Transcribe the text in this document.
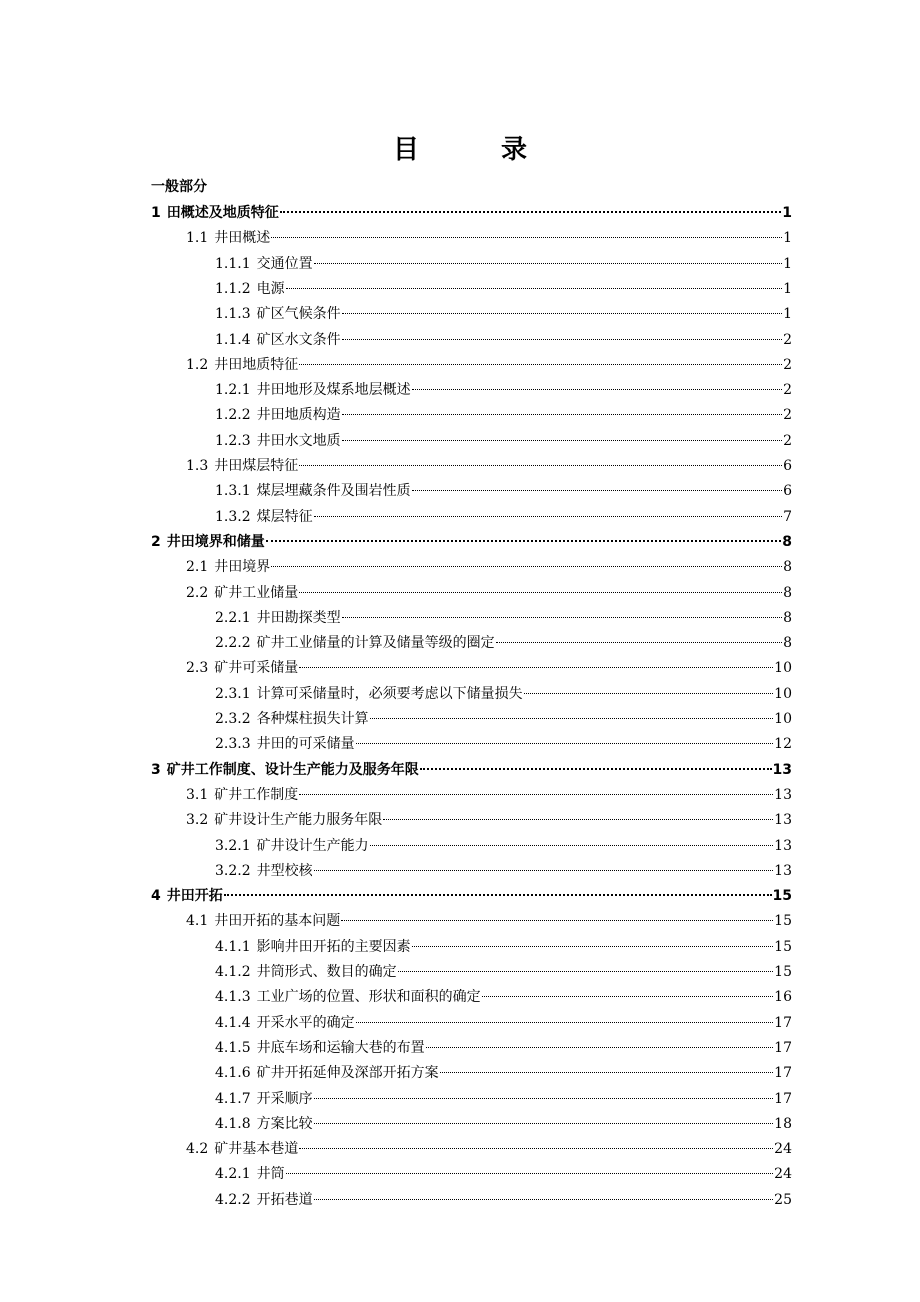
目　录
一般部分
1 田概述及地质特征	1
1.1 井田概述	1
1.1.1 交通位置	1
1.1.2 电源	1
1.1.3 矿区气候条件	1
1.1.4 矿区水文条件	2
1.2 井田地质特征	2
1.2.1 井田地形及煤系地层概述	2
1.2.2 井田地质构造	2
1.2.3 井田水文地质	2
1.3 井田煤层特征	6
1.3.1 煤层埋藏条件及围岩性质	6
1.3.2 煤层特征	7
2 井田境界和储量	8
2.1 井田境界	8
2.2 矿井工业储量	8
2.2.1 井田勘探类型	8
2.2.2 矿井工业储量的计算及储量等级的圈定	8
2.3 矿井可采储量	10
2.3.1 计算可采储量时，必须要考虑以下储量损失	10
2.3.2 各种煤柱损失计算	10
2.3.3 井田的可采储量	12
3 矿井工作制度、设计生产能力及服务年限	13
3.1 矿井工作制度	13
3.2 矿井设计生产能力服务年限	13
3.2.1 矿井设计生产能力	13
3.2.2 井型校核	13
4 井田开拓	15
4.1 井田开拓的基本问题	15
4.1.1 影响井田开拓的主要因素	15
4.1.2 井筒形式、数目的确定	15
4.1.3 工业广场的位置、形状和面积的确定	16
4.1.4 开采水平的确定	17
4.1.5 井底车场和运输大巷的布置	17
4.1.6 矿井开拓延伸及深部开拓方案	17
4.1.7 开采顺序	17
4.1.8 方案比较	18
4.2 矿井基本巷道	24
4.2.1 井筒	24
4.2.2 开拓巷道	25
